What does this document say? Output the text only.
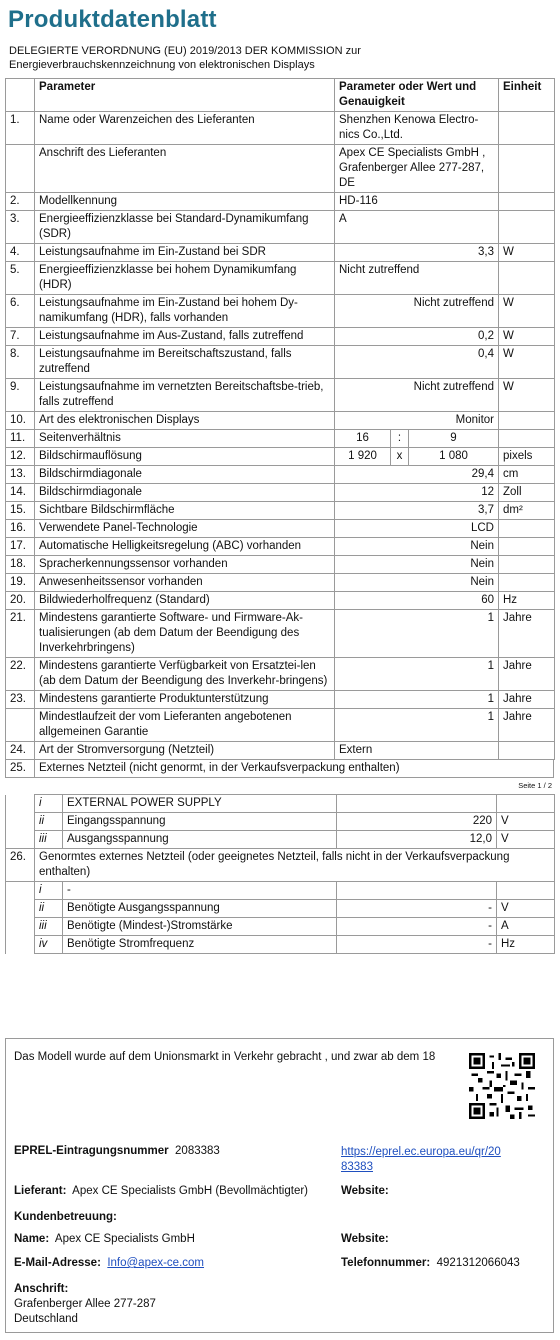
Produktdatenblatt
DELEGIERTE VERORDNUNG (EU) 2019/2013 DER KOMMISSION zur
Energieverbrauchskennzeichnung von elektronischen Displays
	Parameter	Parameter oder Wert und Genauigkeit			Einheit
1.	Name oder Warenzeichen des Lieferanten	Shenzhen Kenowa Electro-nics Co.,Ltd.			
	Anschrift des Lieferanten	Apex CE Specialists GmbH , Grafenberger Allee 277-287, DE			
2.	Modellkennung	HD-116			
3.	Energieeffizienzklasse bei Standard-Dynamikumfang (SDR)	A			
4.	Leistungsaufnahme im Ein-Zustand bei SDR	3,3			W
5.	Energieeffizienzklasse bei hohem Dynamikumfang (HDR)	Nicht zutreffend			
6.	Leistungsaufnahme im Ein-Zustand bei hohem Dy-namikumfang (HDR), falls vorhanden	Nicht zutreffend			W
7.	Leistungsaufnahme im Aus-Zustand, falls zutreffend	0,2			W
8.	Leistungsaufnahme im Bereitschaftszustand, falls zutreffend	0,4			W
9.	Leistungsaufnahme im vernetzten Bereitschaftsbe-trieb, falls zutreffend	Nicht zutreffend			W
10.	Art des elektronischen Displays	Monitor			
11.	Seitenverhältnis	16	:	9	
12.	Bildschirmauflösung	1 920	x	1 080	pixels
13.	Bildschirmdiagonale	29,4			cm
14.	Bildschirmdiagonale	12			Zoll
15.	Sichtbare Bildschirmfläche	3,7			dm²
16.	Verwendete Panel-Technologie	LCD			
17.	Automatische Helligkeitsregelung (ABC) vorhanden	Nein			
18.	Spracherkennungssensor vorhanden	Nein			
19.	Anwesenheitssensor vorhanden	Nein			
20.	Bildwiederholfrequenz (Standard)	60			Hz
21.	Mindestens garantierte Software- und Firmware-Ak-tualisierungen (ab dem Datum der Beendigung des Inverkehrbringens)	1			Jahre
22.	Mindestens garantierte Verfügbarkeit von Ersatztei-len (ab dem Datum der Beendigung des Inverkehr-bringens)	1			Jahre
23.	Mindestens garantierte Produktunterstützung	1			Jahre
	Mindestlaufzeit der vom Lieferanten angebotenen allgemeinen Garantie	1			Jahre
24.	Art der Stromversorgung (Netzteil)	Extern			
25.	Externes Netzteil (nicht genormt, in der Verkaufsverpackung enthalten)
Seite 1 / 2
	i	EXTERNAL POWER SUPPLY		
	ii	Eingangsspannung	220	V
	iii	Ausgangsspannung	12,0	V
26.	Genormtes externes Netzteil (oder geeignetes Netzteil, falls nicht in der Verkaufsverpackung enthalten)			
	i	-		
	ii	Benötigte Ausgangsspannung	-	V
	iii	Benötigte (Mindest-)Stromstärke	-	A
	iv	Benötigte Stromfrequenz	-	Hz
Das Modell wurde auf dem Unionsmarkt in Verkehr gebracht , und zwar ab dem 18
EPREL-Eintragungsnummer 2083383	https://eprel.ec.europa.eu/qr/20
83383
Lieferant: Apex CE Specialists GmbH (Bevollmächtigter)	Website:
Kundenbetreuung:
Name: Apex CE Specialists GmbH	Website:
E-Mail-Adresse: Info@apex-ce.com	Telefonnummer: 4921312066043
Anschrift:
Grafenberger Allee 277-287
Deutschland
